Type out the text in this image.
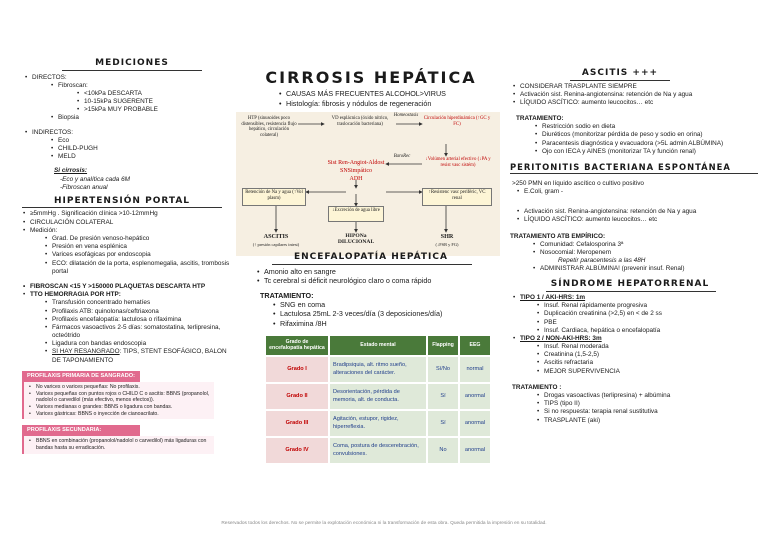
MEDICIONES
• DIRECTOS:
• Fibroscan:
• <10kPa DESCARTA
• 10-15kPa SUGERENTE
• >15kPa MUY PROBABLE
• Biopsia
• INDIRECTOS:
• Eco
• CHILD-PUGH
• MELD
Si cirrosis:
-Eco y analítica cada 6M
-Fibroscan anual
HIPERTENSIÓN PORTAL
• ≥5mmHg . Significación clínica >10-12mmHg
• CIRCULACIÓN COLATERAL
• Medición:
• Grad. De presión venoso-hepático
• Presión en vena esplénica
• Varices esofágicas por endoscopia
• ECO: dilatación de la porta, esplenomegalia, ascitis, trombosis portal
• FIBROSCAN <15 Y >150000 PLAQUETAS DESCARTA HTP
• TTO HEMORRAGIA POR HTP:
• Transfusión concentrado hematíes
• Profilaxis ATB: quinolonas/ceftriaxona
• Profilaxis encefalopatía: lactulosa o rifaximina
• Fármacos vasoactivos 2-5 días: somatostatina, terlipresina, octeótrido
• Ligadura con bandas endoscopia
• SI HAY RESANGRADO: TIPS, STENT ESOFÁGICO, BALON DE TAPONAMIENTO
PROFILAXIS PRIMARIA DE SANGRADO:
• No varices o varices pequeñas: No profilaxis.
• Varices pequeñas con puntos rojos o CHILD C o ascitis: BBNS (propanolol, nadolol o carvedilol (más efectivo, menos efectos)).
• Varices medianas o grandes: BBNS o ligadura con bandas.
• Varices gástricas: BBNS o inyección de cianoacrilato.
PROFILAXIS SECUNDARIA:
• BBNS en combinación (propanolol/nadolol o carvedilol) más ligaduras con bandas hasta su erradicación.
CIRROSIS HEPÁTICA
• CAUSAS MÁS FRECUENTES ALCOHOL>VIRUS
• Histología: fibrosis y nódulos de regeneración
HTP (sinusoides poco distensibles, resistencia flujo hepático, circulación colateral)
VD esplácnica (óxido nítrico, traslocación bacteriana)
Homeostasis
Circulación hiperdinámica (↑GC y FC)
BaroRec
↓Volúmen arterial efectivo (↓PA y resist vasc sistém)
Sist Ren-Angiot-Aldost
SNSimpático
ADH
Retención de Na y agua (↑Vol plasm)
↑Resistenc vasc periféric, VC renal
↓Excreción de agua libre
ASCITIS
(↑ presión capilares intest)
HIPONa DILUCIONAL
SHR
(↓FSR y FG)
ENCEFALOPATÍA HEPÁTICA
• Amonio alto en sangre
• Tc cerebral si déficit neurológico claro o coma rápido
TRATAMIENTO:
• SNG en coma
• Lactulosa 25mL 2-3 veces/día (3 deposiciones/día)
• Rifaximina /8H
Grado de encefalopatía hepática	Estado mental	Flapping	EEG
Grado I	Bradipsiquia, alt. ritmo sueño, alteraciones del carácter.	Sí/No	normal
Grado II	Desorientación, pérdida de memoria, alt. de conducta.	Sí	anormal
Grado III	Agitación, estupor, rigidez, hiperreflexia.	Sí	anormal
Grado IV	Coma, postura de descerebración, convulsiones.	No	anormal
ASCITIS +++
• CONSIDERAR TRASPLANTE SIEMPRE
• Activación sist. Renina-angiotensina: retención de Na y agua
• LÍQUIDO ASCÍTICO: aumento leucocitos… etc
TRATAMIENTO:
• Restricción sodio en dieta
• Diuréticos (monitorizar pérdida de peso y sodio en orina)
• Paracentesis diagnóstica y evacuadora (>5L admin ALBÚMINA)
• Ojo con IECA y AINES (monitorizar TA y función renal)
PERITONITIS BACTERIANA ESPONTÁNEA
>250 PMN en líquido ascítico o cultivo positivo
• E.Coli, gram -
• Activación sist. Renina-angiotensina: retención de Na y agua
• LÍQUIDO ASCÍTICO: aumento leucocitos… etc
TRATAMIENTO ATB EMPÍRICO:
• Comunidad: Cefalosporina 3ª
• Nosocomial: Meropenem
Repetir paracentesis a las 48H
• ADMINISTRAR ALBÚMINA! (prevenir insuf. Renal)
SÍNDROME HEPATORRENAL
• TIPO 1 / AKI-HRS: 1m
• Insuf. Renal rápidamente progresiva
• Duplicación creatinina (>2,5) en < de 2 ss
• PBE
• Insuf. Cardiaca, hepática o encefalopatía
• TIPO 2 / NON-AKI-HRS: 3m
• Insuf. Renal moderada
• Creatinina (1,5-2,5)
• Ascitis refractaria
• MEJOR SUPERVIVENCIA
TRATAMIENTO :
• Drogas vasoactivas (terlipresina) + albúmina
• TIPS (tipo II)
• Si no respuesta: terapia renal sustitutiva
• TRASPLANTE (aki)
Reservados todos los derechos. No se permite la explotación económica ni la transformación de esta obra. Queda permitida la impresión en su totalidad.
